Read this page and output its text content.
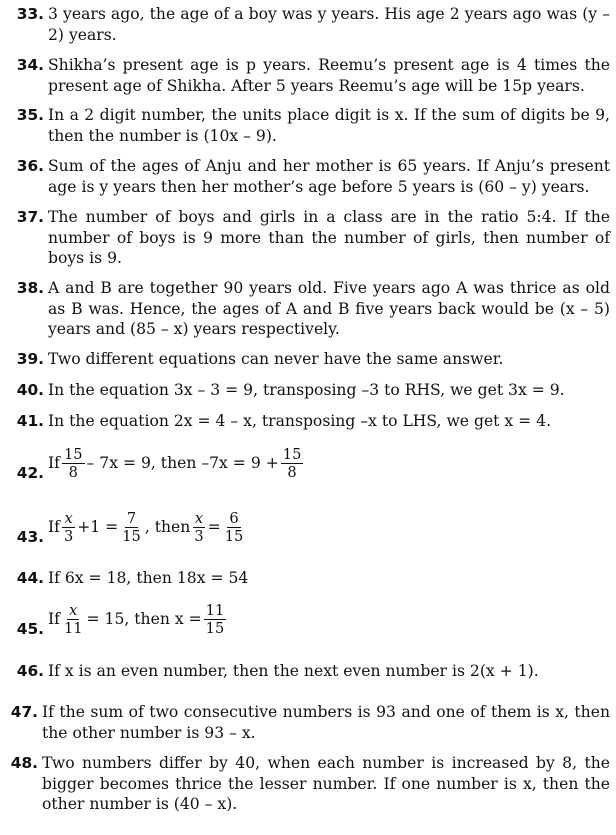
33. 3 years ago, the age of a boy was y years. His age 2 years ago was (y – 2) years.
34. Shikha’s present age is p years. Reemu’s present age is 4 times the present age of Shikha. After 5 years Reemu’s age will be 15p years.
35. In a 2 digit number, the units place digit is x. If the sum of digits be 9, then the number is (10x – 9).
36. Sum of the ages of Anju and her mother is 65 years. If Anju’s present age is y years then her mother’s age before 5 years is (60 – y) years.
37. The number of boys and girls in a class are in the ratio 5:4. If the number of boys is 9 more than the number of girls, then number of boys is 9.
38. A and B are together 90 years old. Five years ago A was thrice as old as B was. Hence, the ages of A and B five years back would be (x – 5) years and (85 – x) years respectively.
39. Two different equations can never have the same answer.
40. In the equation 3x – 3 = 9, transposing –3 to RHS, we get 3x = 9.
41. In the equation 2x = 4 – x, transposing –x to LHS, we get x = 4.
42.
If $\frac{15}{8} - 7x = 9$, then $-7x = 9 + \frac{15}{8}$
43.
If $\frac{x}{3} +1 = \frac{7}{15}$ , then $\frac{x}{3} = \frac{6}{15}$
44. If 6x = 18, then 18x = 54
45.
If $\frac{x}{11} = 15$, then $x = \frac{11}{15}$
46. If x is an even number, then the next even number is 2(x + 1).
47. If the sum of two consecutive numbers is 93 and one of them is x, then the other number is 93 – x.
48. Two numbers differ by 40, when each number is increased by 8, the bigger becomes thrice the lesser number. If one number is x, then the other number is (40 – x).
